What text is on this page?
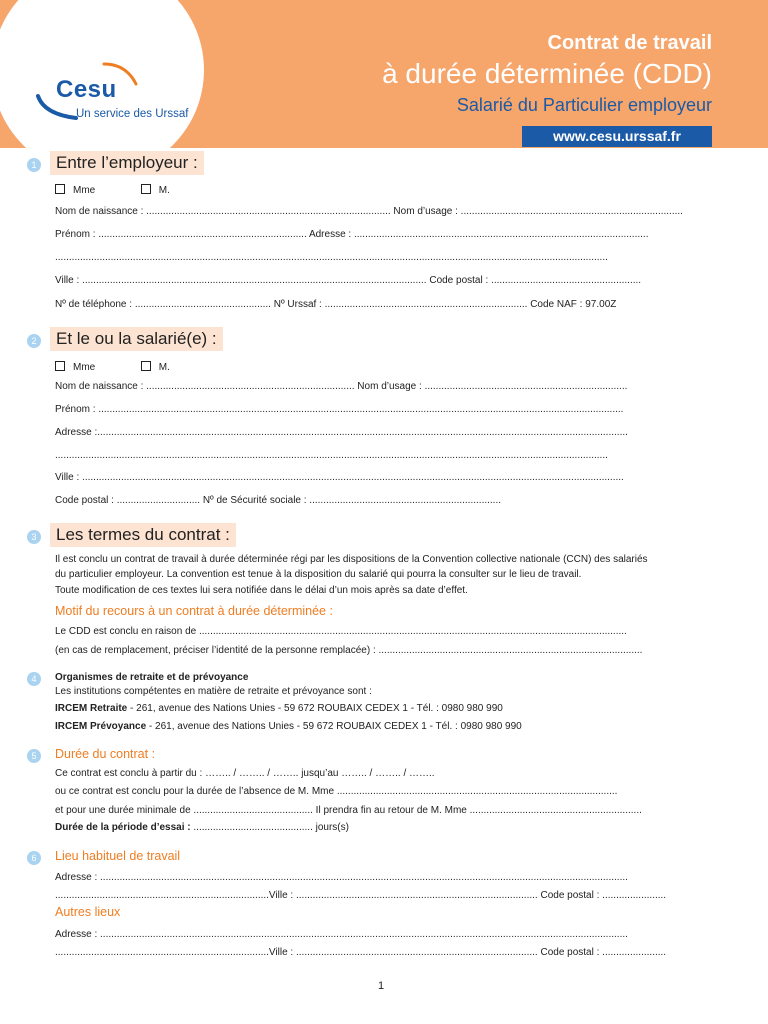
Cesu
Un service des Urssaf
Contrat de travail
à durée déterminée (CDD)
Salarié du Particulier employeur
www.cesu.urssaf.fr
1	Entre l’employeur :
Mme	M.
Nom de naissance : ........................................................................................ Nom d’usage : ................................................................................
Prénom : ........................................................................... Adresse : ..........................................................................................................
.......................................................................................................................................................................................................
Ville : ............................................................................................................................ Code postal : ......................................................
Nº de téléphone : ................................................. Nº Urssaf : ......................................................................... Code NAF : 97.00Z
2	Et le ou la salarié(e) :
Mme	M.
Nom de naissance : ........................................................................... Nom d’usage : .........................................................................
Prénom : .............................................................................................................................................................................................
Adresse :...............................................................................................................................................................................................
.......................................................................................................................................................................................................
Ville : ...................................................................................................................................................................................................
Code postal : .............................. Nº de Sécurité sociale : .....................................................................
3	Les termes du contrat :
Il est conclu un contrat de travail à durée déterminée régi par les dispositions de la Convention collective nationale (CCN) des salariés
du particulier employeur. La convention est tenue à la disposition du salarié qui pourra la consulter sur le lieu de travail.
Toute modification de ces textes lui sera notifiée dans le délai d’un mois après sa date d’effet.
Motif du recours à un contrat à durée déterminée :
Le CDD est conclu en raison de ..........................................................................................................................................................
(en cas de remplacement, préciser l’identité de la personne remplacée) : ...............................................................................................
4	Organismes de retraite et de prévoyance
Les institutions compétentes en matière de retraite et prévoyance sont :
IRCEM Retraite - 261, avenue des Nations Unies - 59 672 ROUBAIX CEDEX 1 - Tél. : 0980 980 990
IRCEM Prévoyance - 261, avenue des Nations Unies - 59 672 ROUBAIX CEDEX 1 - Tél. : 0980 980 990
5	Durée du contrat :
Ce contrat est conclu à partir du : …….. / …….. / …….. jusqu’au …….. / …….. / ……..
ou ce contrat est conclu pour la durée de l’absence de M. Mme .....................................................................................................
et pour une durée minimale de ........................................... Il prendra fin au retour de M. Mme ..............................................................
Durée de la période d’essai : ........................................... jours(s)
6	Lieu habituel de travail
Adresse : ..............................................................................................................................................................................................
.............................................................................Ville : ....................................................................................... Code postal : .......................
Autres lieux
Adresse : ..............................................................................................................................................................................................
.............................................................................Ville : ....................................................................................... Code postal : .......................
1
